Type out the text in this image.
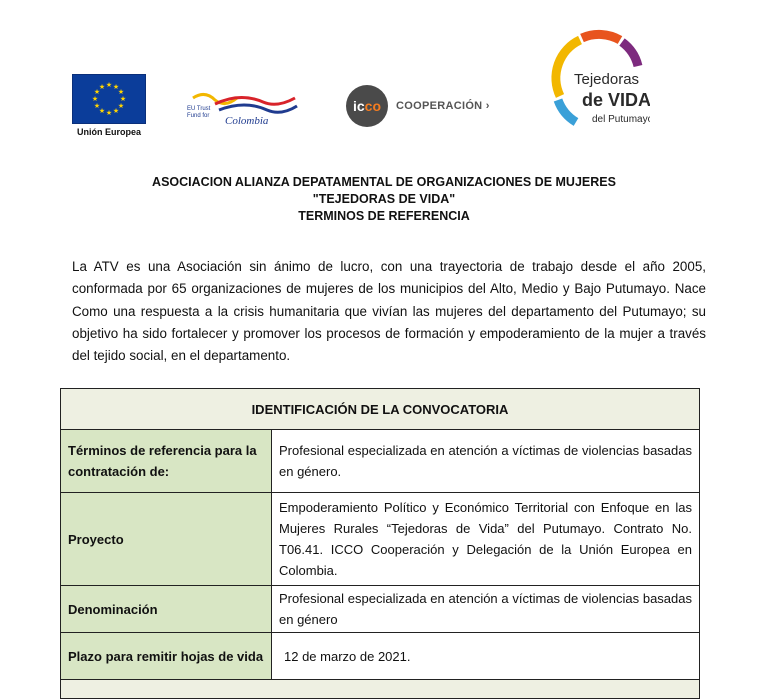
★ ★
★
★
★
★
★
★
★
★
★
★
Unión Europea
EU Trust
Fund for Colombia
ic co COOPERACIÓN ›
Tejedoras
de VIDA
del Putumayo
ASOCIACION ALIANZA DEPATAMENTAL DE ORGANIZACIONES DE MUJERES
"TEJEDORAS DE VIDA"
TERMINOS DE REFERENCIA
La ATV es una Asociación sin ánimo de lucro, con una trayectoria de trabajo desde el año 2005, conformada por 65 organizaciones de mujeres de los municipios del Alto, Medio y Bajo Putumayo. Nace Como una respuesta a la crisis humanitaria que vivían las mujeres del departamento del Putumayo; su objetivo ha sido fortalecer y promover los procesos de formación y empoderamiento de la mujer a través del tejido social, en el departamento.
IDENTIFICACIÓN DE LA CONVOCATORIA	
Términos de referencia para la contratación de:	Profesional especializada en atención a víctimas de violencias basadas en género.
Proyecto	Empoderamiento Político y Económico Territorial con Enfoque en las Mujeres Rurales “Tejedoras de Vida” del Putumayo. Contrato No. T06.41. ICCO Cooperación y Delegación de la Unión Europea en Colombia.
Denominación	Profesional especializada en atención a víctimas de violencias basadas en género
Plazo para remitir hojas de vida	12 de marzo de 2021.
